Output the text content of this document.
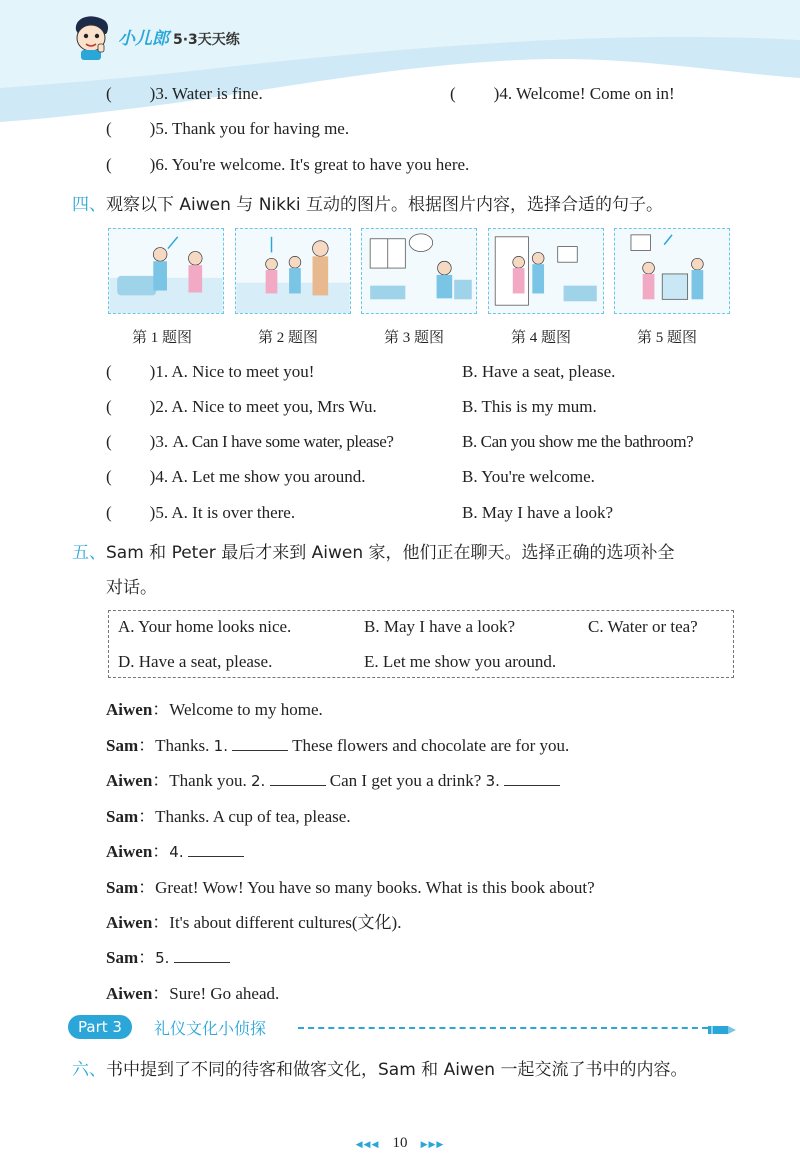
小儿郎 5·3天天练
( )3. Water is fine.	( )4. Welcome! Come on in!
( )5. Thank you for having me.
( )6. You're welcome. It's great to have you here.
四、观察以下 Aiwen 与 Nikki 互动的图片。根据图片内容，选择合适的句子。
第 1 题图	第 2 题图	第 3 题图	第 4 题图	第 5 题图
( )1. A. Nice to meet you!	B. Have a seat, please.
( )2. A. Nice to meet you, Mrs Wu.	B. This is my mum.
( )3. A. Can I have some water, please?	B. Can you show me the bathroom?
( )4. A. Let me show you around.	B. You're welcome.
( )5. A. It is over there.	B. May I have a look?
五、Sam 和 Peter 最后才来到 Aiwen 家，他们正在聊天。选择正确的选项补全
对话。
A. Your home looks nice.	B. May I have a look?	C. Water or tea?
D. Have a seat, please.	E. Let me show you around.
Aiwen：Welcome to my home.
Sam：Thanks. 1.	These flowers and chocolate are for you.
Aiwen：Thank you. 2.	Can I get you a drink? 3.
Sam：Thanks. A cup of tea, please.
Aiwen：4.
Sam：Great! Wow! You have so many books. What is this book about?
Aiwen：It's about different cultures(文化).
Sam：5.
Aiwen：Sure! Go ahead.
Part 3	礼仪文化小侦探
六、书中提到了不同的待客和做客文化，Sam 和 Aiwen 一起交流了书中的内容。
◀◀◀ 10 ▶▶▶
